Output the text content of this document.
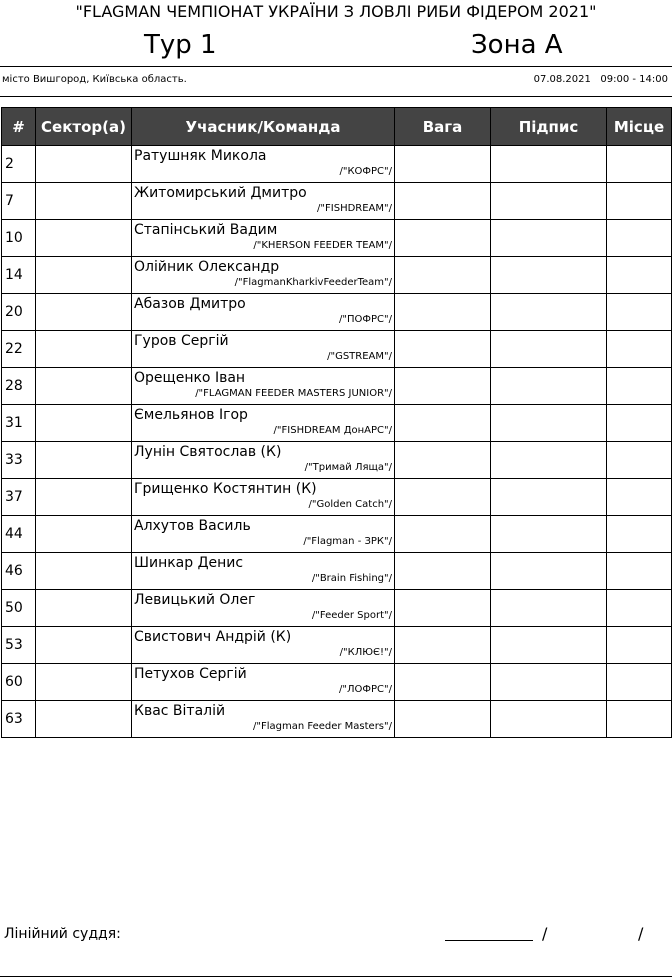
"FLAGMAN ЧЕМПІОНАТ УКРАЇНИ З ЛОВЛІ РИБИ ФІДЕРОМ 2021"
Тур 1	Зона А
місто Вишгород, Київська область.	07.08.2021   09:00 - 14:00
#	Сектор(а)	Учасник/Команда	Вага	Підпис	Місце
2		Ратушняк Микола
/"КОФРС"/			

7		Житомирський Дмитро
/"FISHDREAM"/			

10		Стапінський Вадим
/"KHERSON FEEDER TEAM"/			

14		Олійник Олександр
/"FlagmanKharkivFeederTeam"/			

20		Абазов Дмитро
/"ПОФРС"/			

22		Гуров Сергій
/"GSTREAM"/			

28		Орещенко Іван
/"FLAGMAN FEEDER MASTERS JUNIOR"/			

31		Ємельянов Ігор
/"FISHDREAM ДонАРС"/			

33		Лунін Святослав (К)
/"Тримай Ляща"/			

37		Грищенко Костянтин (К)
/"Golden Catch"/			

44		Алхутов Василь
/"Flagman - ЗРК"/			

46		Шинкар Денис
/"Brain Fishing"/			

50		Левицький Олег
/"Feeder Sport"/			

53		Свистович Андрій (К)
/"КЛЮЄ!"/			

60		Петухов Сергій
/"ЛОФРС"/			

63		Квас Віталій
/"Flagman Feeder Masters"/			

Лінійний суддя:	/	/
